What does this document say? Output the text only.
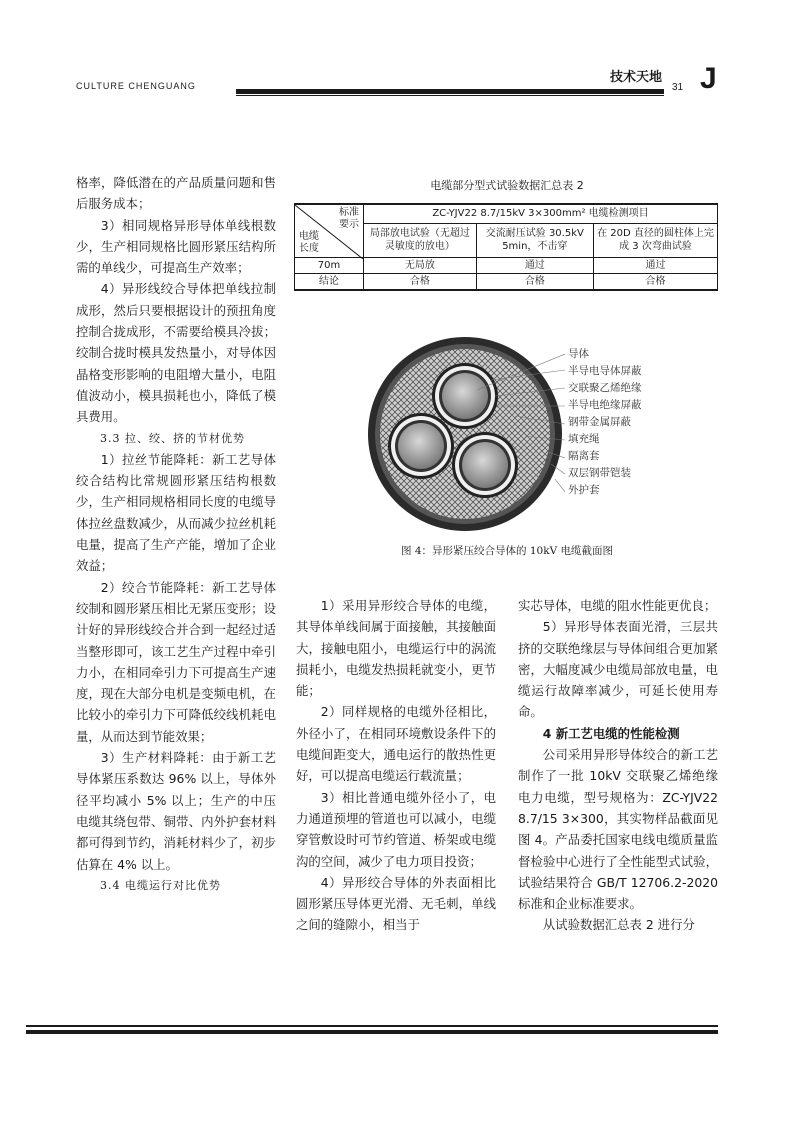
CULTURE CHENGUANG
技术天地
31 J

格率，降低潜在的产品质量问题和售后服务成本；

3）相同规格异形导体单线根数少，生产相同规格比圆形紧压结构所需的单线少，可提高生产效率；

4）异形线绞合导体把单线拉制成形，然后只要根据设计的预扭角度控制合拢成形，不需要给模具冷拔；绞制合拢时模具发热量小，对导体因晶格变形影响的电阻增大量小，电阻值波动小，模具损耗也小，降低了模具费用。

3.3 拉、绞、挤的节材优势

1）拉丝节能降耗：新工艺导体绞合结构比常规圆形紧压结构根数少，生产相同规格相同长度的电缆导体拉丝盘数减少，从而减少拉丝机耗电量，提高了生产产能，增加了企业效益；

2）绞合节能降耗：新工艺导体绞制和圆形紧压相比无紧压变形；设计好的异形线绞合并合到一起经过适当整形即可，该工艺生产过程中牵引力小，在相同牵引力下可提高生产速度，现在大部分电机是变频电机，在比较小的牵引力下可降低绞线机耗电量，从而达到节能效果；

3）生产材料降耗：由于新工艺导体紧压系数达 96% 以上，导体外径平均减小 5% 以上；生产的中压电缆其绕包带、铜带、内外护套材料都可得到节约，消耗材料少了，初步估算在 4% 以上。

3.4 电缆运行对比优势

电缆部分型式试验数据汇总表 2
标准
要示
电缆
长度	ZC-YJV22 8.7/15kV 3×300mm² 电缆检测项目		
	局部放电试验（无超过灵敏度的放电）	交流耐压试验 30.5kV 5min，不击穿	在 20D 直径的圆柱体上完成 3 次弯曲试验
70m	无局放	通过	通过
结论	合格	合格	合格
导体
半导电导体屏蔽
交联聚乙烯绝缘
半导电绝缘屏蔽
钢带金属屏蔽
填充绳
隔离套
双层钢带铠装
外护套
图 4：异形紧压绞合导体的 10kV 电缆截面图

1）采用异形绞合导体的电缆，其导体单线间属于面接触，其接触面大，接触电阻小，电缆运行中的涡流损耗小，电缆发热损耗就变小，更节能；

2）同样规格的电缆外径相比，外径小了，在相同环境敷设条件下的电缆间距变大，通电运行的散热性更好，可以提高电缆运行载流量；

3）相比普通电缆外径小了，电力通道预埋的管道也可以减小，电缆穿管敷设时可节约管道、桥架或电缆沟的空间，减少了电力项目投资；

4）异形绞合导体的外表面相比圆形紧压导体更光滑、无毛刺，单线之间的缝隙小，相当于

实芯导体，电缆的阻水性能更优良；

5）异形导体表面光滑，三层共挤的交联绝缘层与导体间组合更加紧密，大幅度减少电缆局部放电量，电缆运行故障率减少，可延长使用寿命。

4 新工艺电缆的性能检测

公司采用异形导体绞合的新工艺制作了一批 10kV 交联聚乙烯绝缘电力电缆，型号规格为：ZC-YJV22 8.7/15 3×300，其实物样品截面见图 4。产品委托国家电线电缆质量监督检验中心进行了全性能型式试验，试验结果符合 GB/T 12706.2-2020 标准和企业标准要求。

从试验数据汇总表 2 进行分
